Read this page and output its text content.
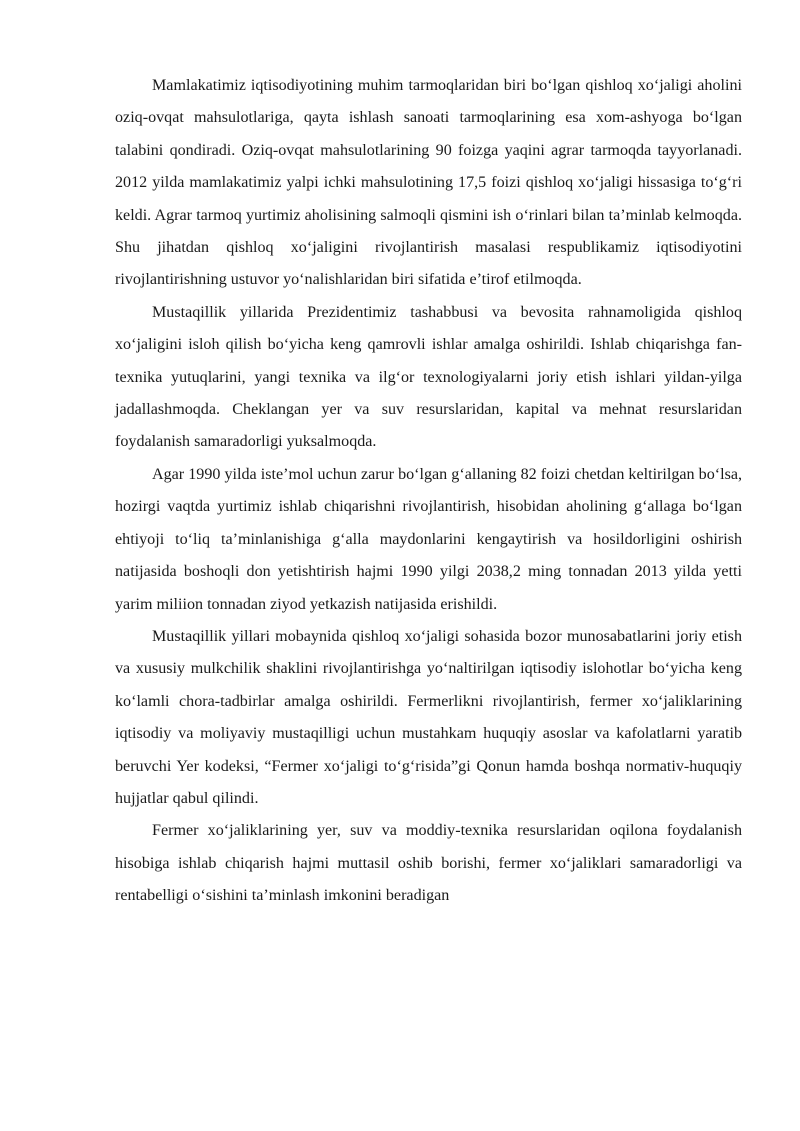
Mamlakatimiz iqtisodiyotining muhim tarmoqlaridan biri bo‘lgan qishloq xo‘jaligi aholini oziq-ovqat mahsulotlariga, qayta ishlash sanoati tarmoqlarining esa xom-ashyoga bo‘lgan talabini qondiradi. Oziq-ovqat mahsulotlarining 90 foizga yaqini agrar tarmoqda tayyorlanadi. 2012 yilda mamlakatimiz yalpi ichki mahsulotining 17,5 foizi qishloq xo‘jaligi hissasiga to‘g‘ri keldi. Agrar tarmoq yurtimiz aholisining salmoqli qismini ish o‘rinlari bilan ta’minlab kelmoqda. Shu jihatdan qishloq xo‘jaligini rivojlantirish masalasi respublikamiz iqtisodiyotini rivojlantirishning ustuvor yo‘nalishlaridan biri sifatida e’tirof etilmoqda.

Mustaqillik yillarida Prezidentimiz tashabbusi va bevosita rahnamoligida qishloq xo‘jaligini isloh qilish bo‘yicha keng qamrovli ishlar amalga oshirildi. Ishlab chiqarishga fan-texnika yutuqlarini, yangi texnika va ilg‘or texnologiyalarni joriy etish ishlari yildan-yilga jadallashmoqda. Cheklangan yer va suv resurslaridan, kapital va mehnat resurslaridan foydalanish samaradorligi yuksalmoqda.

Agar 1990 yilda iste’mol uchun zarur bo‘lgan g‘allaning 82 foizi chetdan keltirilgan bo‘lsa, hozirgi vaqtda yurtimiz ishlab chiqarishni rivojlantirish, hisobidan aholining g‘allaga bo‘lgan ehtiyoji to‘liq ta’minlanishiga g‘alla maydonlarini kengaytirish va hosildorligini oshirish natijasida boshoqli don yetishtirish hajmi 1990 yilgi 2038,2 ming tonnadan 2013 yilda yetti yarim miliion tonnadan ziyod yetkazish natijasida erishildi.

Mustaqillik yillari mobaynida qishloq xo‘jaligi sohasida bozor munosabatlarini joriy etish va xususiy mulkchilik shaklini rivojlantirishga yo‘naltirilgan iqtisodiy islohotlar bo‘yicha keng ko‘lamli chora-tadbirlar amalga oshirildi. Fermerlikni rivojlantirish, fermer xo‘jaliklarining iqtisodiy va moliyaviy mustaqilligi uchun mustahkam huquqiy asoslar va kafolatlarni yaratib beruvchi Yer kodeksi, “Fermer xo‘jaligi to‘g‘risida”gi Qonun hamda boshqa normativ-huquqiy hujjatlar qabul qilindi.

Fermer xo‘jaliklarining yer, suv va moddiy-texnika resurslaridan oqilona foydalanish hisobiga ishlab chiqarish hajmi muttasil oshib borishi, fermer xo‘jaliklari samaradorligi va rentabelligi o‘sishini ta’minlash imkonini beradigan
